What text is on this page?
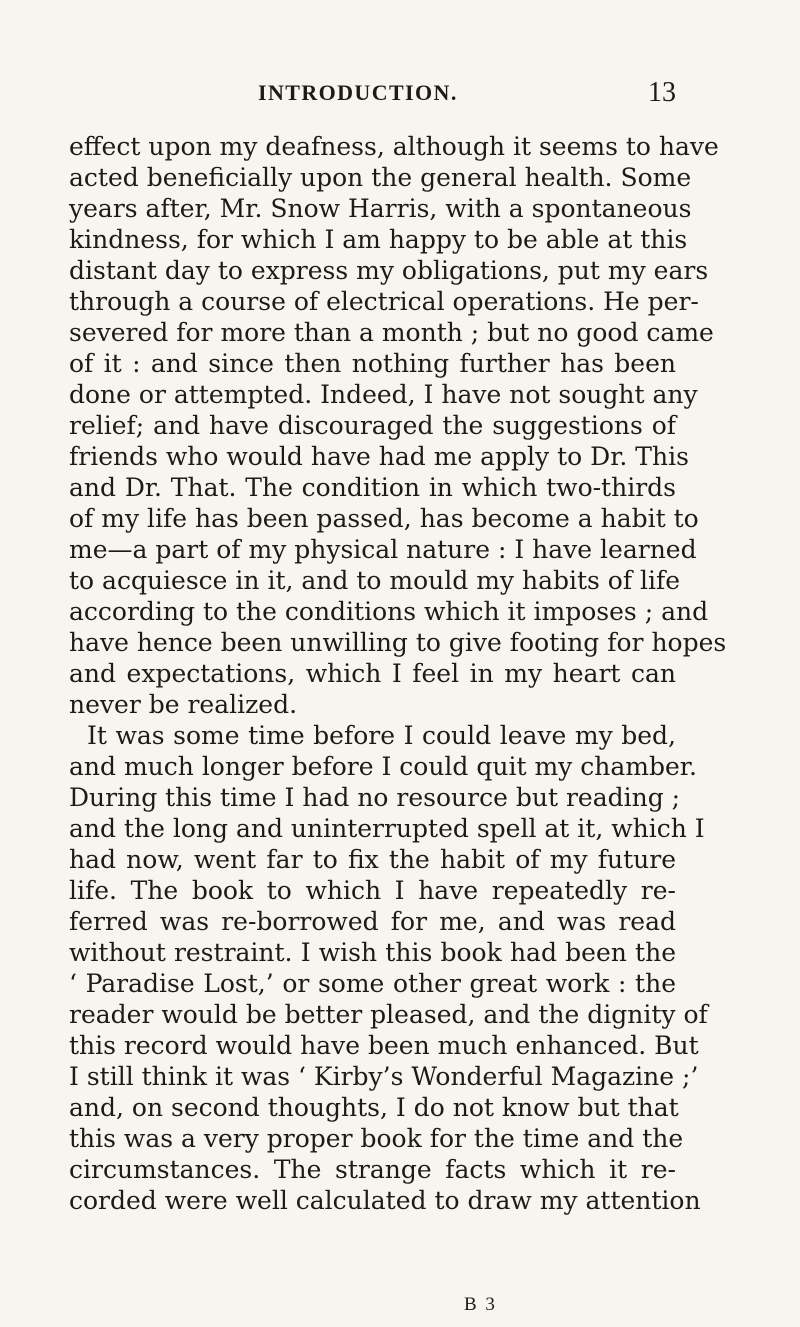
INTRODUCTION.	13
effect upon my deafness, although it seems to have
acted beneficially upon the general health. Some
years after, Mr. Snow Harris, with a spontaneous
kindness, for which I am happy to be able at this
distant day to express my obligations, put my ears
through a course of electrical operations. He per-
severed for more than a month ; but no good came
of it : and since then nothing further has been
done or attempted. Indeed, I have not sought any
relief; and have discouraged the suggestions of
friends who would have had me apply to Dr. This
and Dr. That. The condition in which two-thirds
of my life has been passed, has become a habit to
me—a part of my physical nature : I have learned
to acquiesce in it, and to mould my habits of life
according to the conditions which it imposes ; and
have hence been unwilling to give footing for hopes
and expectations, which I feel in my heart can
never be realized.
It was some time before I could leave my bed,
and much longer before I could quit my chamber.
During this time I had no resource but reading ;
and the long and uninterrupted spell at it, which I
had now, went far to fix the habit of my future
life. The book to which I have repeatedly re-
ferred was re-borrowed for me, and was read
without restraint. I wish this book had been the
‘ Paradise Lost,’ or some other great work : the
reader would be better pleased, and the dignity of
this record would have been much enhanced. But
I still think it was ‘ Kirby’s Wonderful Magazine ;’
and, on second thoughts, I do not know but that
this was a very proper book for the time and the
circumstances. The strange facts which it re-
corded were well calculated to draw my attention
B 3
